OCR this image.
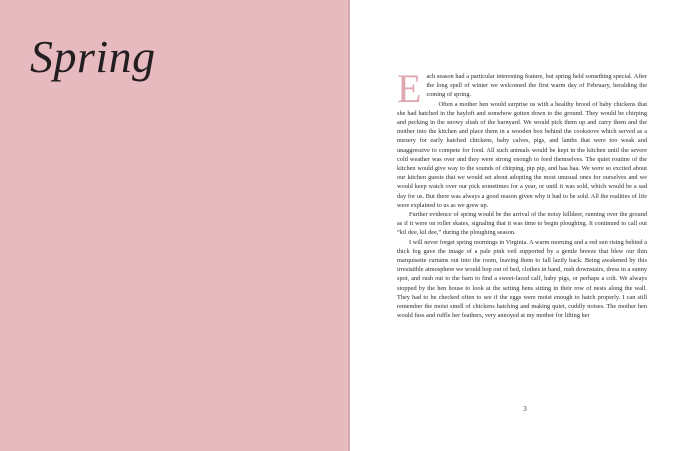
Spring

Each season had a particular interesting feature, but spring held something special. After the long spell of winter we welcomed the first warm day of February, heralding the coming of spring.

Often a mother hen would surprise us with a healthy brood of baby chickens that she had hatched in the hayloft and somehow gotten down to the ground. They would be chirping and pecking in the snowy slush of the barnyard. We would pick them up and carry them and the mother into the kitchen and place them in a wooden box behind the cookstove which served as a nursery for early hatched chickens, baby calves, pigs, and lambs that were too weak and unaggressive to compete for food. All such animals would be kept in the kitchen until the severe cold weather was over and they were strong enough to feed themselves. The quiet routine of the kitchen would give way to the sounds of chirping, pip pip, and baa baa. We were so excited about our kitchen guests that we would set about adopting the most unusual ones for ourselves and we would keep watch over our pick sometimes for a year, or until it was sold, which would be a sad day for us. But there was always a good reason given why it had to be sold. All the realities of life were explained to us as we grew up.

Further evidence of spring would be the arrival of the noisy killdeer, running over the ground as if it were on roller skates, signaling that it was time to begin ploughing. It continued to call out “kil dee, kil dee,” during the ploughing season.

I will never forget spring mornings in Virginia. A warm morning and a red sun rising behind a thick fog gave the image of a pale pink veil supported by a gentle breeze that blew our thin marquisette curtains out into the room, leaving them to fall lazily back. Being awakened by this irresistible atmosphere we would hop out of bed, clothes in hand, rush downstairs, dress in a sunny spot, and rush out to the barn to find a sweet-faced calf, baby pigs, or perhaps a colt. We always stopped by the hen house to look at the setting hens sitting in their row of nests along the wall. They had to be checked often to see if the eggs were moist enough to hatch properly. I can still remember the moist smell of chickens hatching and making quiet, cuddly noises. The mother hen would fuss and ruffle her feathers, very annoyed at my mother for lifting her

3
